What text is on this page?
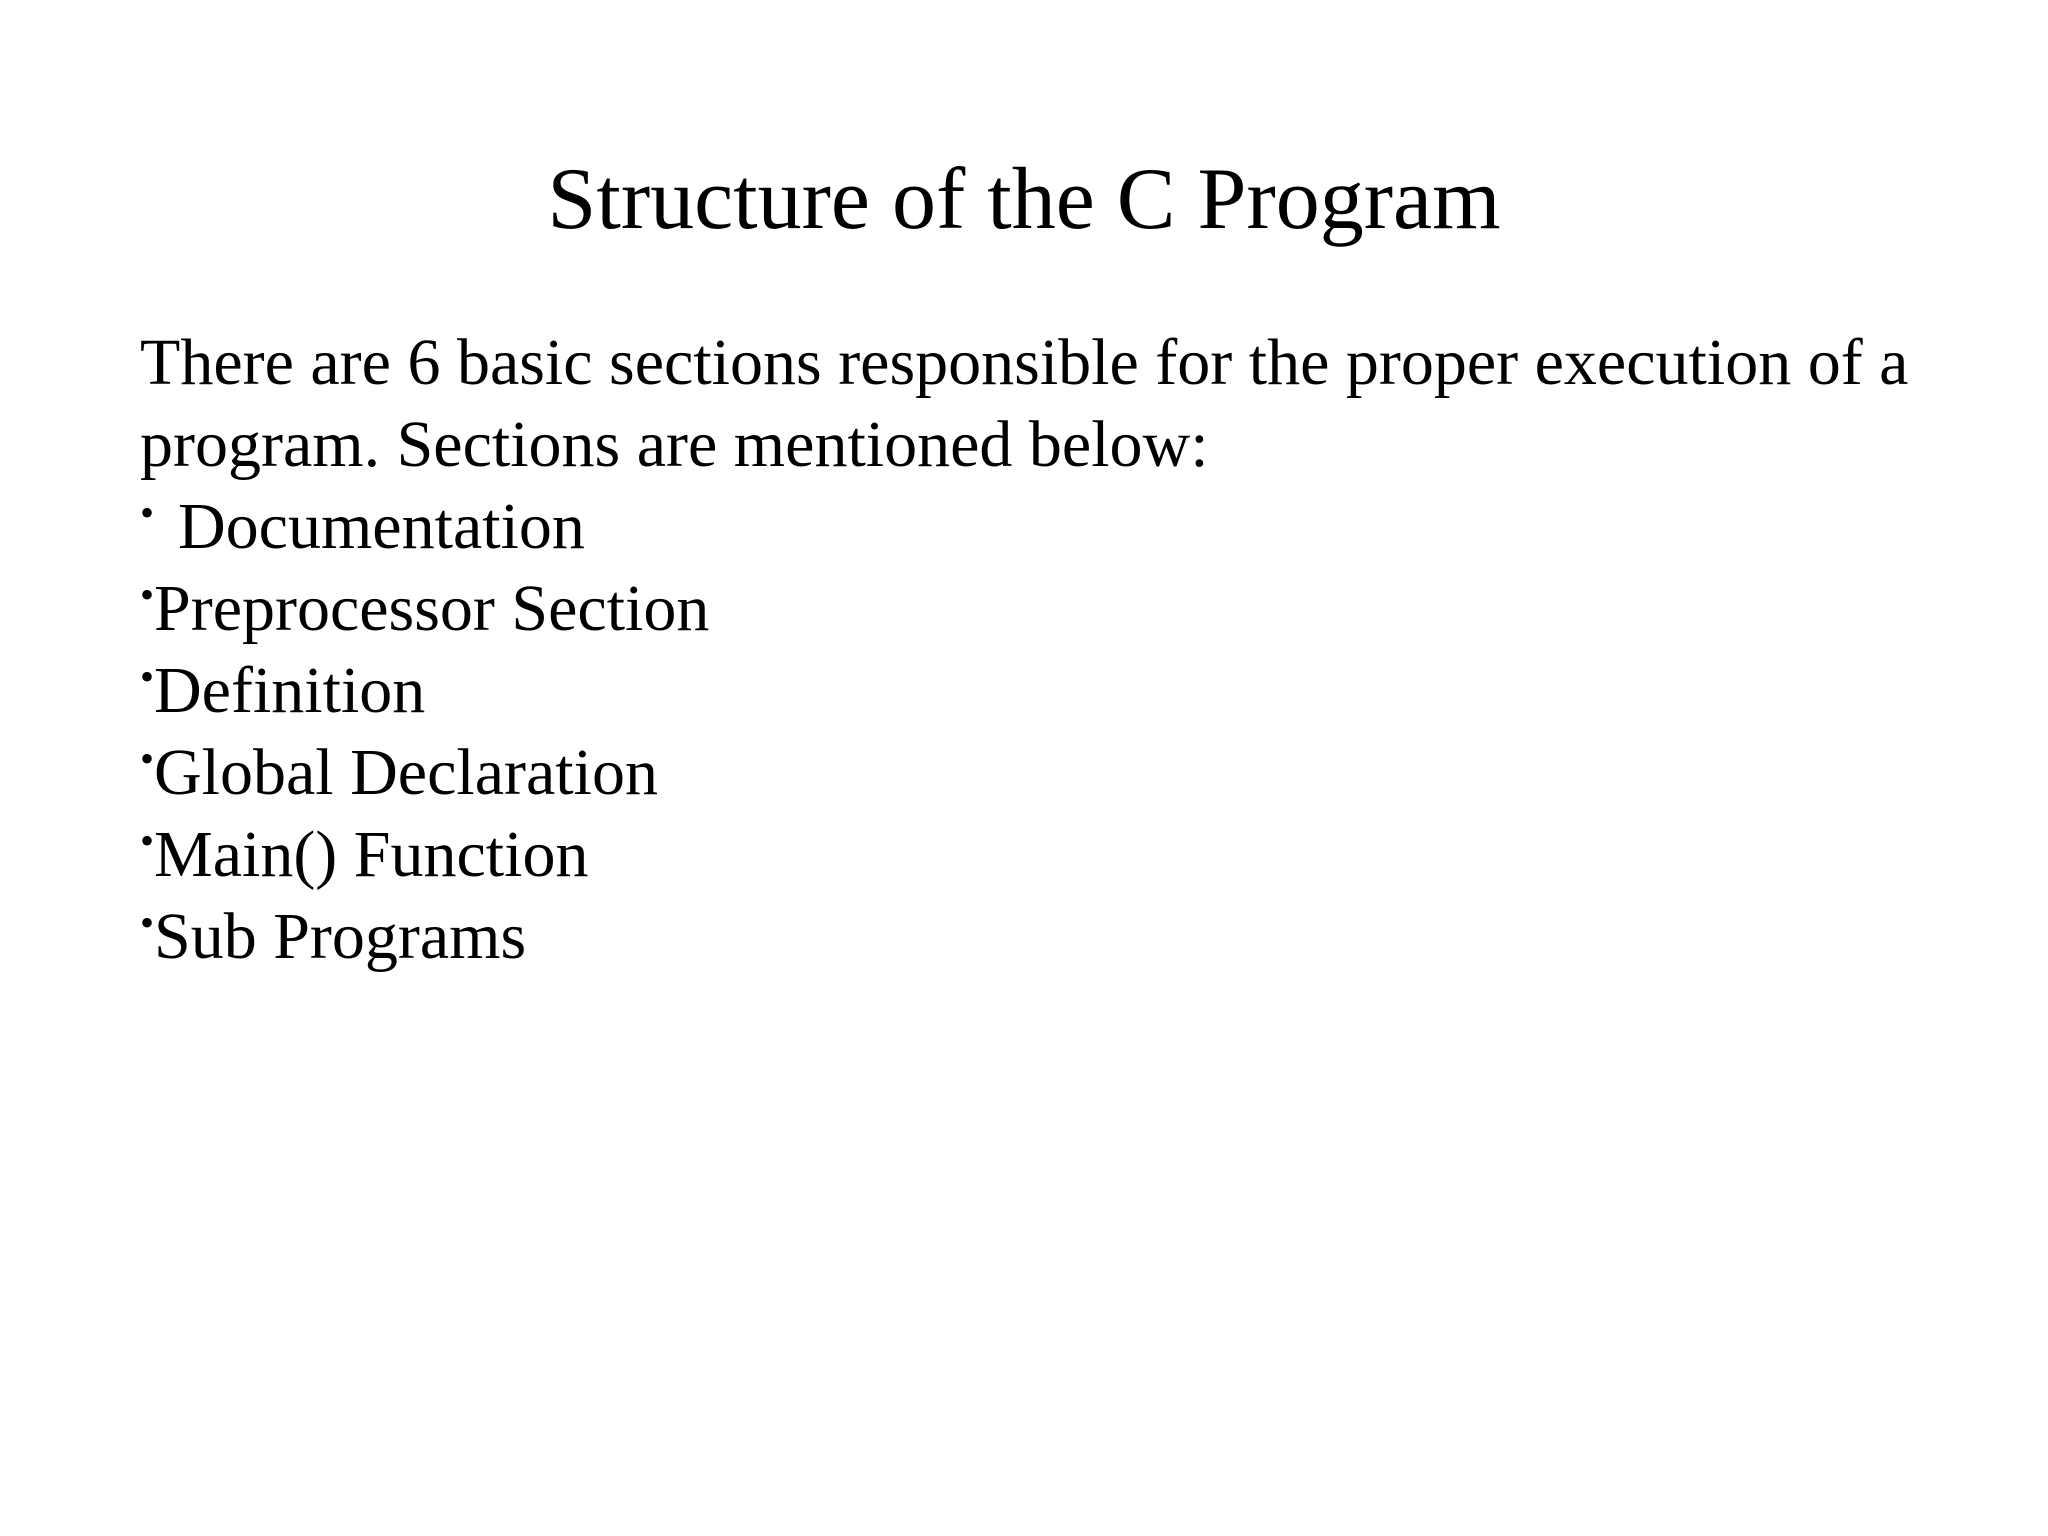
Structure of the C Program

There are 6 basic sections responsible for the proper execution of a program. Sections are mentioned below:

• Documentation
•Preprocessor Section
•Definition
•Global Declaration
•Main() Function
•Sub Programs
